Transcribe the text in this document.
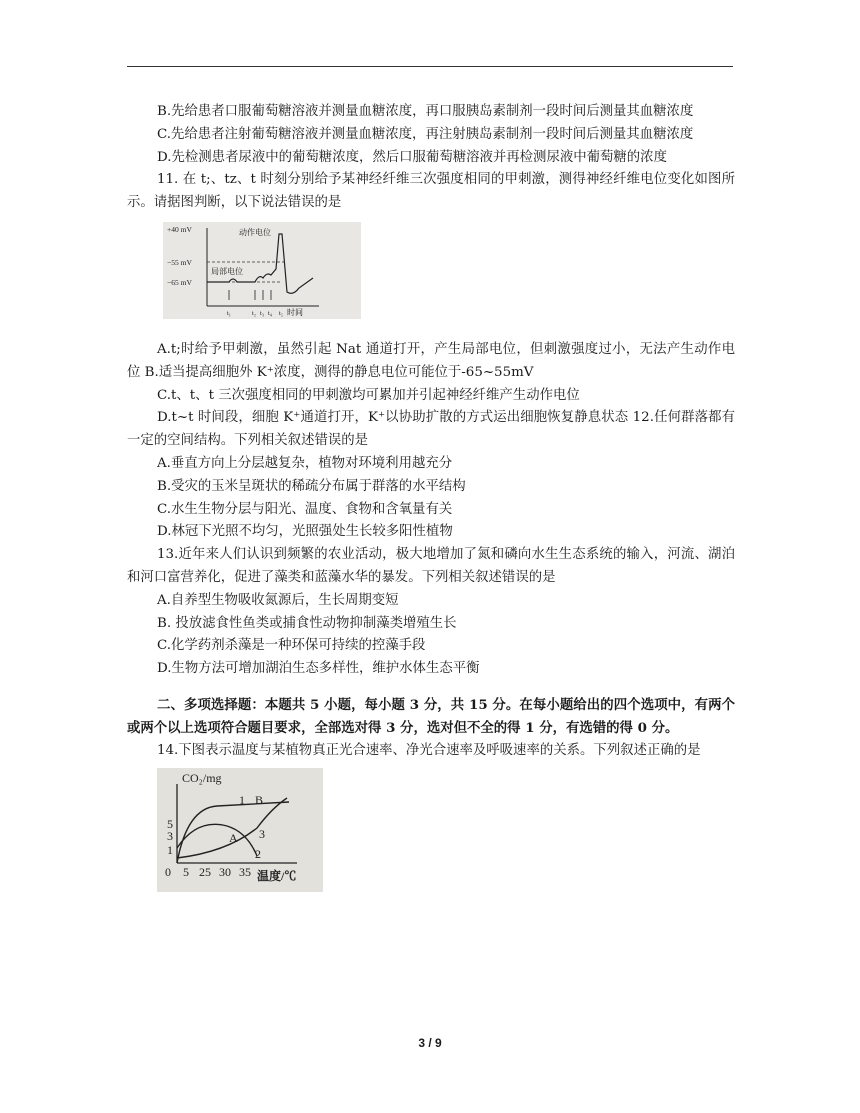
B.先给患者口服葡萄糖溶液并测量血糖浓度，再口服胰岛素制剂一段时间后测量其血糖浓度

C.先给患者注射葡萄糖溶液并测量血糖浓度，再注射胰岛素制剂一段时间后测量其血糖浓度

D.先检测患者尿液中的葡萄糖浓度，然后口服葡萄糖溶液并再检测尿液中葡萄糖的浓度

11. 在 t;、tz、t 时刻分别给予某神经纤维三次强度相同的甲刺激，测得神经纤维电位变化如图所示。请据图判断，以下说法错误的是

+40 mV
−55 mV
−65 mV
动作电位
局部电位
t₁	t₂ t₃ t₄ t₅ 时间

A.t;时给予甲刺激，虽然引起 Nat 通道打开，产生局部电位，但刺激强度过小，无法产生动作电位 B.适当提高细胞外 K⁺浓度，测得的静息电位可能位于-65~55mV

C.t、t、t 三次强度相同的甲刺激均可累加并引起神经纤维产生动作电位

D.t~t 时间段，细胞 K⁺通道打开，K⁺以协助扩散的方式运出细胞恢复静息状态 12.任何群落都有一定的空间结构。下列相关叙述错误的是

A.垂直方向上分层越复杂，植物对环境利用越充分

B.受灾的玉米呈斑状的稀疏分布属于群落的水平结构

C.水生生物分层与阳光、温度、食物和含氧量有关

D.林冠下光照不均匀，光照强处生长较多阳性植物

13.近年来人们认识到频繁的农业活动，极大地增加了氮和磷向水生生态系统的输入，河流、湖泊和河口富营养化，促进了藻类和蓝藻水华的暴发。下列相关叙述错误的是

A.自养型生物吸收氮源后，生长周期变短

B. 投放滤食性鱼类或捕食性动物抑制藻类增殖生长

C.化学药剂杀藻是一种环保可持续的控藻手段

D.生物方法可增加湖泊生态多样性，维护水体生态平衡

二、多项选择题：本题共 5 小题，每小题 3 分，共 15 分。在每小题给出的四个选项中，有两个或两个以上选项符合题目要求，全部选对得 3 分，选对但不全的得 1 分，有选错的得 0 分。

14.下图表示温度与某植物真正光合速率、净光合速率及呼吸速率的关系。下列叙述正确的是

CO₂/mg
5
3
1
0 5 25 30 35 温度/℃
1 B
3
A
2
3 / 9
